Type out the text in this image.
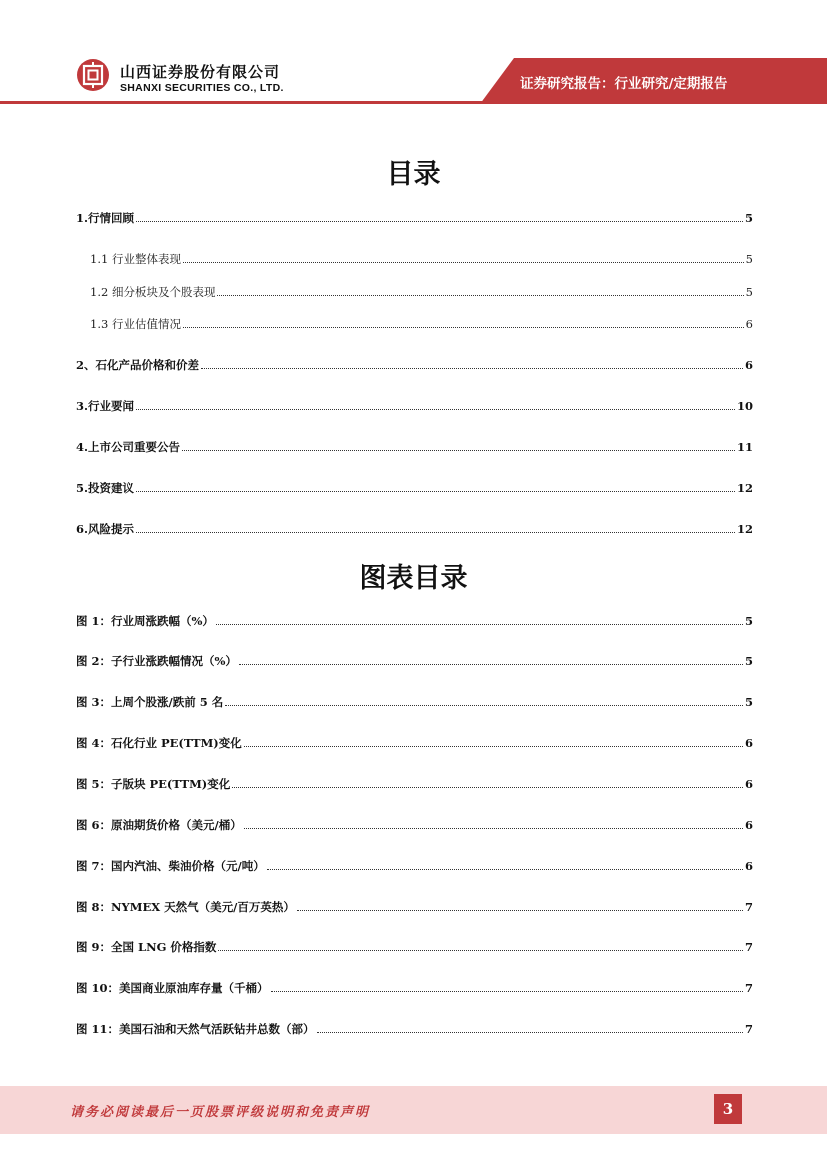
山西证券股份有限公司
SHANXI SECURITIES CO., LTD.	证券研究报告：行业研究/定期报告
目录
1.行情回顾	5
1.1 行业整体表现	5
1.2 细分板块及个股表现	5
1.3 行业估值情况	6
2、石化产品价格和价差	6
3.行业要闻	10
4.上市公司重要公告	11
5.投资建议	12
6.风险提示	12
图表目录
图 1：行业周涨跌幅（%）	5
图 2：子行业涨跌幅情况（%）	5
图 3：上周个股涨/跌前 5 名	5
图 4：石化行业 PE(TTM)变化	6
图 5：子版块 PE(TTM)变化	6
图 6：原油期货价格（美元/桶）	6
图 7：国内汽油、柴油价格（元/吨）	6
图 8：NYMEX 天然气（美元/百万英热）	7
图 9：全国 LNG 价格指数	7
图 10：美国商业原油库存量（千桶）	7
图 11：美国石油和天然气活跃钻井总数（部）	7
请务必阅读最后一页股票评级说明和免责声明	3
